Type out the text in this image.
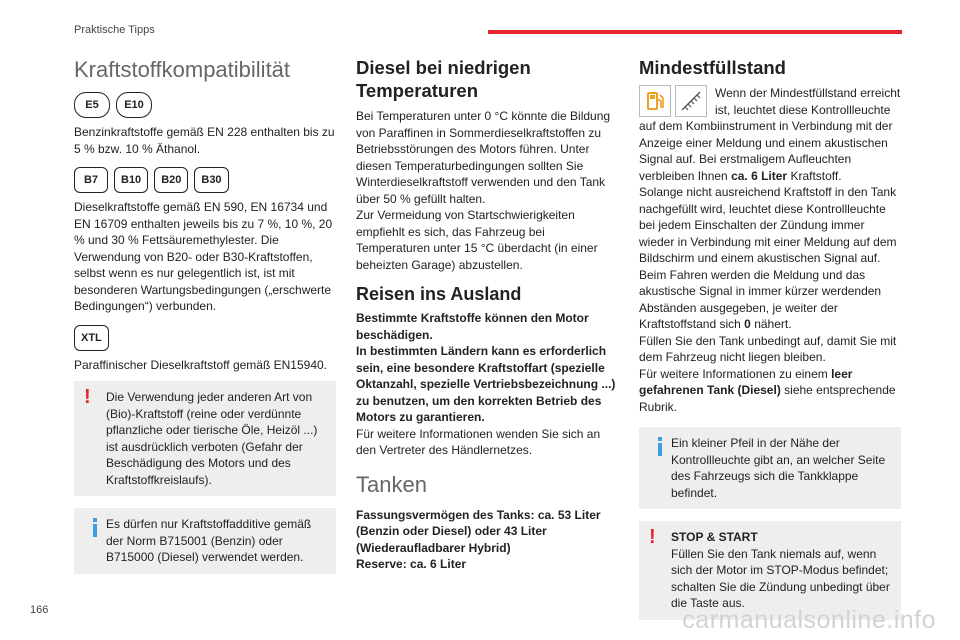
Praktische Tipps
Kraftstoffkompatibilität
E5	E10

Benzinkraftstoffe gemäß EN 228 enthalten bis zu 5 % bzw. 10 % Äthanol.

B7	B10	B20	B30

Dieselkraftstoffe gemäß EN 590, EN 16734 und EN 16709 enthalten jeweils bis zu 7 %, 10 %, 20 % und 30 % Fettsäuremethylester. Die Verwendung von B20- oder B30-Kraftstoffen, selbst wenn es nur gelegentlich ist, ist mit besonderen Wartungsbedingungen („erschwerte Bedingungen“) verbunden.

XTL

Paraffinischer Dieselkraftstoff gemäß EN15940.

!	Die Verwendung jeder anderen Art von (Bio)-Kraftstoff (reine oder verdünnte pflanzliche oder tierische Öle, Heizöl ...) ist ausdrücklich verboten (Gefahr der Beschädigung des Motors und des Kraftstoffkreislaufs).

Es dürfen nur Kraftstoffadditive gemäß der Norm B715001 (Benzin) oder B715000 (Diesel) verwendet werden.

Diesel bei niedrigen Temperaturen

Bei Temperaturen unter 0 °C könnte die Bildung von Paraffinen in Sommerdieselkraftstoffen zu Betriebsstörungen des Motors führen. Unter diesen Temperaturbedingungen sollten Sie Winterdieselkraftstoff verwenden und den Tank über 50 % gefüllt halten.

Zur Vermeidung von Startschwierigkeiten empfiehlt es sich, das Fahrzeug bei Temperaturen unter 15 °C überdacht (in einer beheizten Garage) abzustellen.

Reisen ins Ausland

Bestimmte Kraftstoffe können den Motor beschädigen.

In bestimmten Ländern kann es erforderlich sein, eine besondere Kraftstoffart (spezielle Oktanzahl, spezielle Vertriebsbezeichnung ...) zu benutzen, um den korrekten Betrieb des Motors zu garantieren.

Für weitere Informationen wenden Sie sich an den Vertreter des Händlernetzes.

Tanken

Fassungsvermögen des Tanks: ca. 53 Liter (Benzin oder Diesel) oder 43 Liter (Wiederaufladbarer Hybrid)

Reserve: ca. 6 Liter

Mindestfüllstand

Wenn der Mindestfüllstand erreicht ist, leuchtet diese Kontrollleuchte auf dem Kombiinstrument in Verbindung mit der Anzeige einer Meldung und einem akustischen Signal auf. Bei erstmaligem Aufleuchten verbleiben Ihnen ca. 6 Liter Kraftstoff.

Solange nicht ausreichend Kraftstoff in den Tank nachgefüllt wird, leuchtet diese Kontrollleuchte bei jedem Einschalten der Zündung immer wieder in Verbindung mit einer Meldung auf dem Bildschirm und einem akustischen Signal auf. Beim Fahren werden die Meldung und das akustische Signal in immer kürzer werdenden Abständen ausgegeben, je weiter der Kraftstoffstand sich 0 nähert.

Füllen Sie den Tank unbedingt auf, damit Sie mit dem Fahrzeug nicht liegen bleiben.

Für weitere Informationen zu einem leer gefahrenen Tank (Diesel) siehe entsprechende Rubrik.

Ein kleiner Pfeil in der Nähe der Kontrollleuchte gibt an, an welcher Seite des Fahrzeugs sich die Tankklappe befindet.

!	STOP & START

Füllen Sie den Tank niemals auf, wenn sich der Motor im STOP-Modus befindet; schalten Sie die Zündung unbedingt über die Taste aus.

166	carmanualsonline.info
